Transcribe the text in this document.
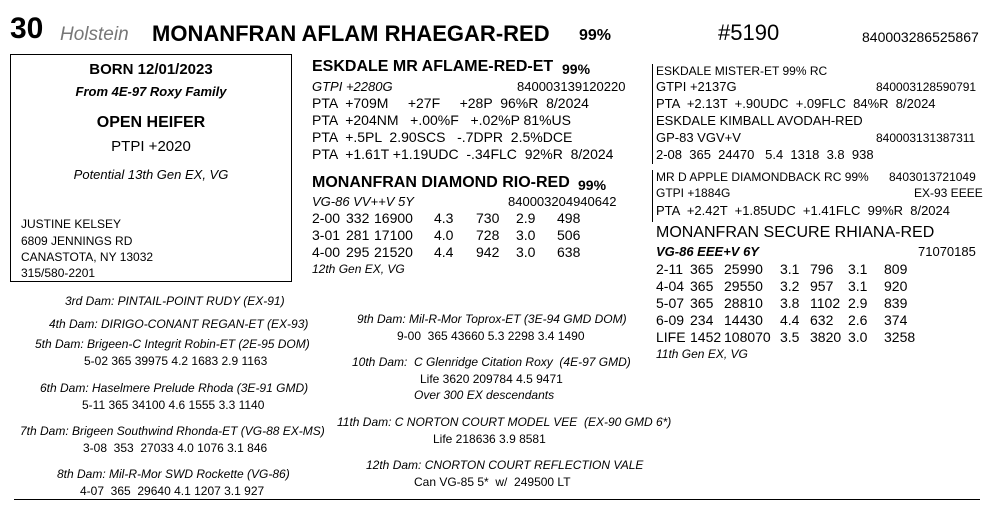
30 Holstein MONANFRAN AFLAM RHAEGAR-RED 99%	#5190	840003286525867
BORN 12/01/2023
From 4E-97 Roxy Family
OPEN HEIFER
PTPI +2020
Potential 13th Gen EX, VG
JUSTINE KELSEY
6809 JENNINGS RD
CANASTOTA, NY 13032
315/580-2201
ESKDALE MR AFLAME-RED-ET 99%
GTPI +2280G	840003139120220
PTA  +709M     +27F     +28P  96%R  8/2024
PTA  +204NM   +.00%F   +.02%P 81%US
PTA  +.5PL  2.90SCS   -.7DPR  2.5%DCE
PTA  +1.61T +1.19UDC  -.34FLC  92%R  8/2024
MONANFRAN DIAMOND RIO-RED 99%
VG-86 VV++V 5Y	840003204940642
2-00 332 16900 4.3 730 2.9 498
3-01 281 17100 4.0 728 3.0 506
4-00 295 21520 4.4 942 3.0 638
12th Gen EX, VG
ESKDALE MISTER-ET 99% RC
GTPI +2137G	840003128590791
PTA  +2.13T  +.90UDC  +.09FLC  84%R  8/2024
ESKDALE KIMBALL AVODAH-RED
GP-83 VGV+V	840003131387311
2-08  365  24470   5.4  1318  3.8  938
MR D APPLE DIAMONDBACK RC 99% 8403013721049
GTPI +1884G	EX-93 EEEE
PTA  +2.42T  +1.85UDC  +1.41FLC  99%R  8/2024
MONANFRAN SECURE RHIANA-RED
VG-86 EEE+V 6Y	71070185
2-11 365 25990 3.1 796 3.1 809
4-04 365 29550 3.2 957 3.1 920
5-07 365 28810 3.8 1102 2.9 839
6-09 234 14430 4.4 632 2.6 374
LIFE 1452 108070 3.5 3820 3.0 3258
11th Gen EX, VG
3rd Dam: PINTAIL-POINT RUDY (EX-91)
4th Dam: DIRIGO-CONANT REGAN-ET (EX-93)
5th Dam: Brigeen-C Integrit Robin-ET (2E-95 DOM)
5-02 365 39975 4.2 1683 2.9 1163
6th Dam: Haselmere Prelude Rhoda (3E-91 GMD)
5-11 365 34100 4.6 1555 3.3 1140
7th Dam: Brigeen Southwind Rhonda-ET (VG-88 EX-MS)
3-08  353  27033 4.0 1076 3.1 846
8th Dam: Mil-R-Mor SWD Rockette (VG-86)
4-07  365  29640 4.1 1207 3.1 927
9th Dam: Mil-R-Mor Toprox-ET (3E-94 GMD DOM)
9-00  365 43660 5.3 2298 3.4 1490
10th Dam:  C Glenridge Citation Roxy  (4E-97 GMD)
Life 3620 209784 4.5 9471
Over 300 EX descendants
11th Dam: C NORTON COURT MODEL VEE  (EX-90 GMD 6*)
Life 218636 3.9 8581
12th Dam: CNORTON COURT REFLECTION VALE
Can VG-85 5*  w/  249500 LT
